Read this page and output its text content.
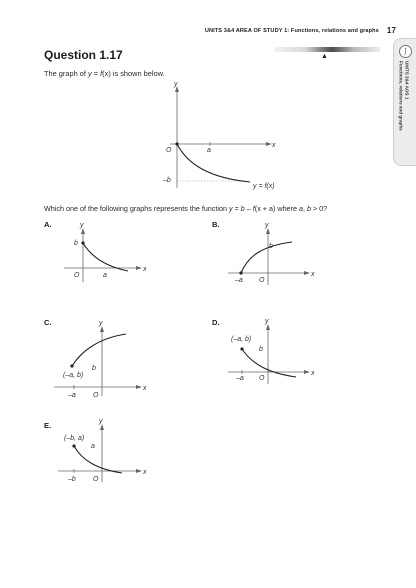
UNITS 3&4 AREA OF STUDY 1: Functions, relations and graphs 17
▲
∫
UNITS 3&4 AOS 1
Functions, relations and graphs
Question 1.17
The graph of y = f(x) is shown below.
y
x
O	a
–b
y = f(x)
Which one of the following graphs represents the function y = b – f(x + a) where a, b > 0?
A.	y
x
O
b
a
B.	y
x
O
b
–a
C.	y
x
O
b
(–a, b)
–a
D.	y
x
O
(–a, b)
b
–a
E.	y
x
O
(–b, a)
a
–b
